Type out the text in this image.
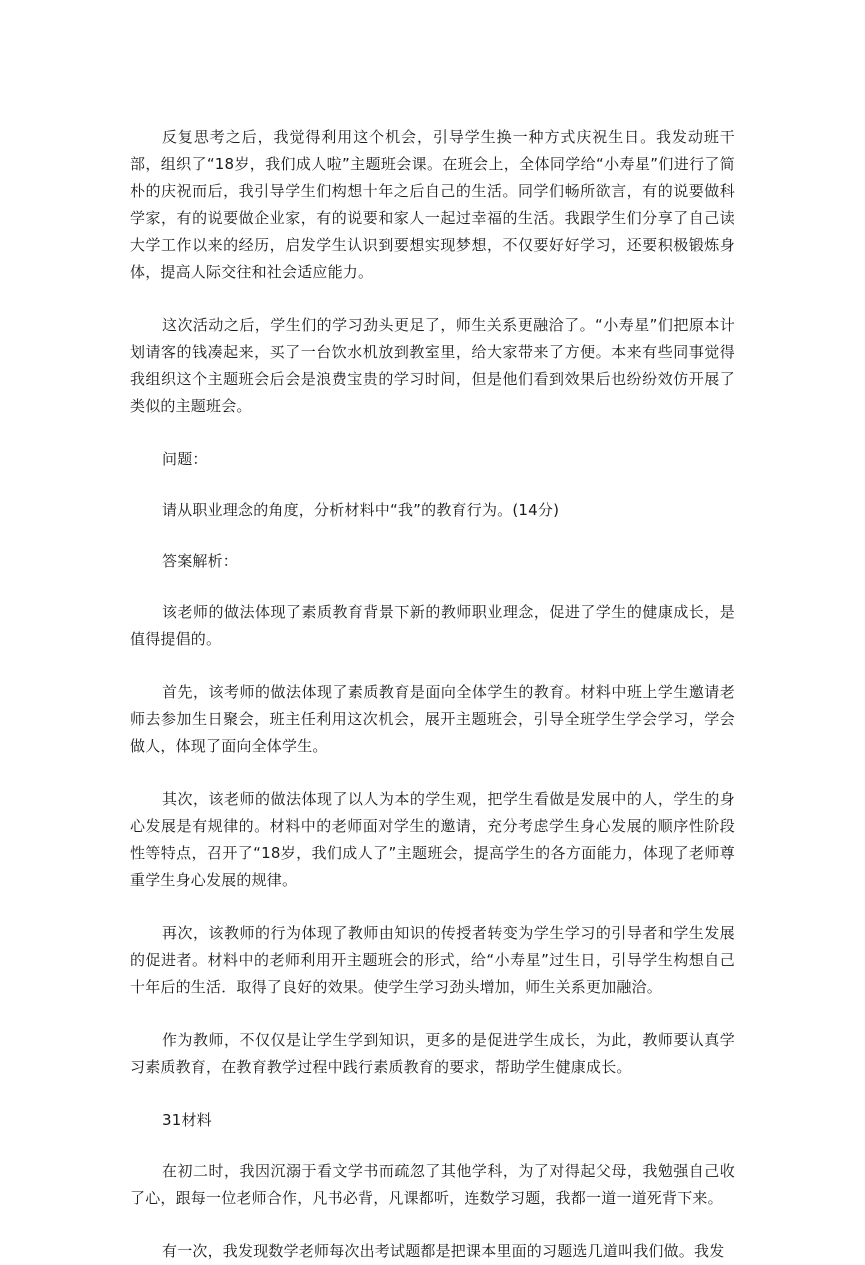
反复思考之后，我觉得利用这个机会，引导学生换一种方式庆祝生日。我发动班干部，组织了“18岁，我们成人啦”主题班会课。在班会上，全体同学给“小寿星”们进行了简朴的庆祝而后，我引导学生们构想十年之后自己的生活。同学们畅所欲言，有的说要做科学家，有的说要做企业家，有的说要和家人一起过幸福的生活。我跟学生们分享了自己读大学工作以来的经历，启发学生认识到要想实现梦想，不仅要好好学习，还要积极锻炼身体，提高人际交往和社会适应能力。

这次活动之后，学生们的学习劲头更足了，师生关系更融洽了。“小寿星”们把原本计划请客的钱凑起来，买了一台饮水机放到教室里，给大家带来了方便。本来有些同事觉得我组织这个主题班会后会是浪费宝贵的学习时间，但是他们看到效果后也纷纷效仿开展了类似的主题班会。

问题：

请从职业理念的角度，分析材料中“我”的教育行为。(14分)

答案解析：

该老师的做法体现了素质教育背景下新的教师职业理念，促进了学生的健康成长，是值得提倡的。

首先，该考师的做法体现了素质教育是面向全体学生的教育。材料中班上学生邀请老师去参加生日聚会，班主任利用这次机会，展开主题班会，引导全班学生学会学习，学会做人，体现了面向全体学生。

其次，该老师的做法体现了以人为本的学生观，把学生看做是发展中的人，学生的身心发展是有规律的。材料中的老师面对学生的邀请，充分考虑学生身心发展的顺序性阶段性等特点，召开了“18岁，我们成人了”主题班会，提高学生的各方面能力，体现了老师尊重学生身心发展的规律。

再次，该教师的行为体现了教师由知识的传授者转变为学生学习的引导者和学生发展的促进者。材料中的老师利用开主题班会的形式，给“小寿星”过生日，引导学生构想自己十年后的生活．取得了良好的效果。使学生学习劲头增加，师生关系更加融洽。

作为教师，不仅仅是让学生学到知识，更多的是促进学生成长，为此，教师要认真学习素质教育，在教育教学过程中践行素质教育的要求，帮助学生健康成长。

31材料

在初二时，我因沉溺于看文学书而疏忽了其他学科，为了对得起父母，我勉强自己收了心，跟每一位老师合作，凡书必背，凡课都听，连数学习题，我都一道一道死背下来。

有一次，我发现数学老师每次出考试题都是把课本里面的习题选几道叫我们做。我发
